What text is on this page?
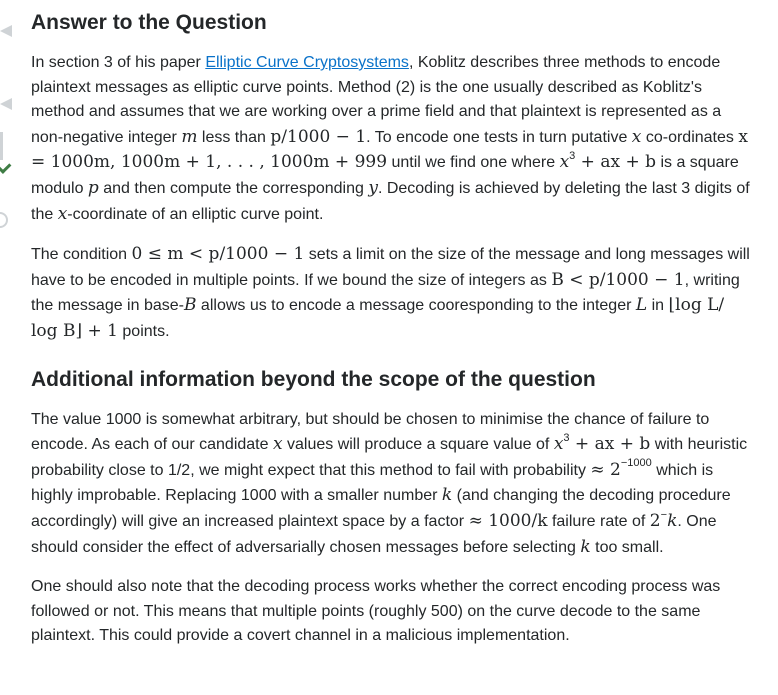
Answer to the Question

In section 3 of his paper Elliptic Curve Cryptosystems, Koblitz describes three methods to encode plaintext messages as elliptic curve points. Method (2) is the one usually described as Koblitz's method and assumes that we are working over a prime field and that plaintext is represented as a non-negative integer m less than p/1000 − 1. To encode one tests in turn putative x co-ordinates x = 1000m, 1000m + 1, . . . , 1000m + 999 until we find one where $x^3$ + ax + b is a square modulo p and then compute the corresponding y. Decoding is achieved by deleting the last 3 digits of the x-coordinate of an elliptic curve point.

The condition 0 ≤ m < p/1000 − 1 sets a limit on the size of the message and long messages will have to be encoded in multiple points. If we bound the size of integers as B < p/1000 − 1, writing the message in base-B allows us to encode a message cooresponding to the integer L in ⌊log L/ log B⌋ + 1 points.

Additional information beyond the scope of the question

The value 1000 is somewhat arbitrary, but should be chosen to minimise the chance of failure to encode. As each of our candidate x values will produce a square value of $x^3$ + ax + b with heuristic probability close to 1/2, we might expect that this method to fail with probability ≈ $2^{-1000}$ which is highly improbable. Replacing 1000 with a smaller number k (and changing the decoding procedure accordingly) will give an increased plaintext space by a factor ≈ 1000/k failure rate of 2−k. One should consider the effect of adversarially chosen messages before selecting k too small.

One should also note that the decoding process works whether the correct encoding process was followed or not. This means that multiple points (roughly 500) on the curve decode to the same plaintext. This could provide a covert channel in a malicious implementation.
